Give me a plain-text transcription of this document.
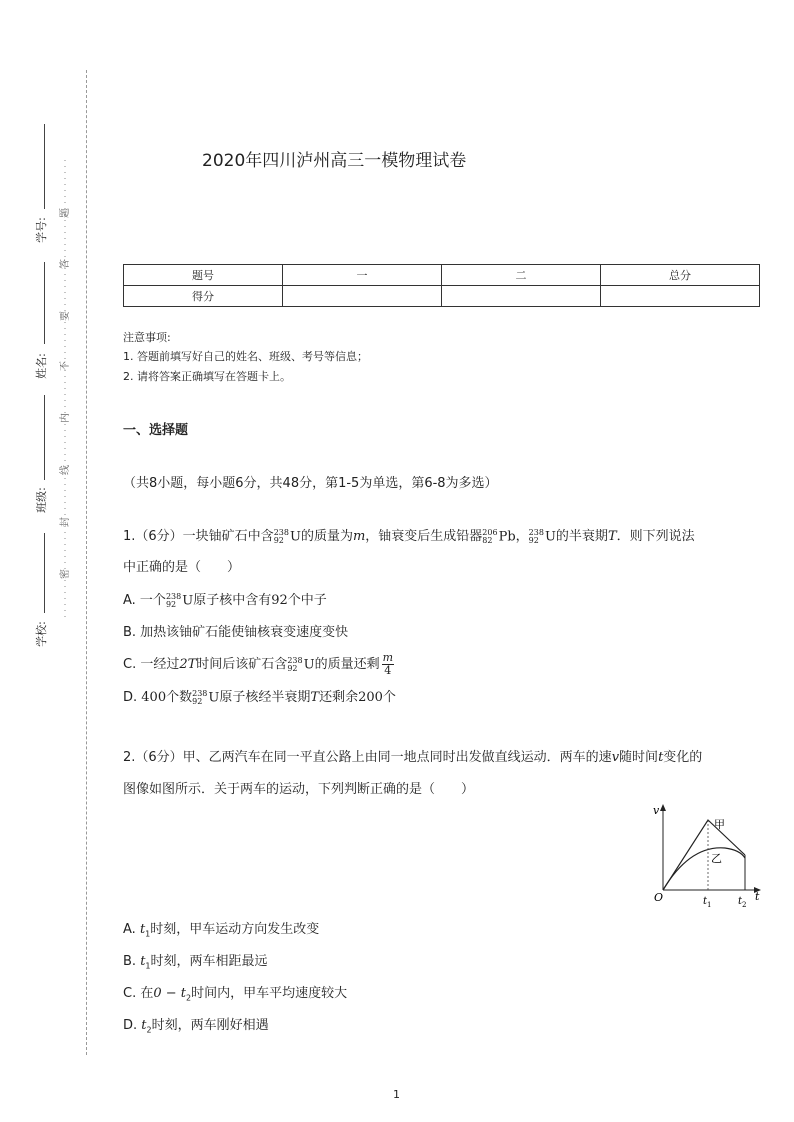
学号:
姓名:
班级:
学校:
题
答
要
不
内
线
封
密
2020年四川泸州高三一模物理试卷
题号	一	二	总分
得分			
注意事项:
1. 答题前填写好自己的姓名、班级、考号等信息；
2. 请将答案正确填写在答题卡上。
一、选择题
（共8小题，每小题6分，共48分，第1-5为单选，第6-8为多选）
1.（6分）一块铀矿石中含 238
92 U的质量为m，铀衰变后生成铅器 206
82 Pb， 238
92 U的半衰期T．则下列说法
中正确的是（　　）
A. 一个 238
92 U原子核中含有92个中子
B. 加热该铀矿石能使铀核衰变速度变快
C. 一经过2T时间后该矿石含 238
92 U的质量还剩 $\frac{m}{4}$
D. 400个数 238
92 U原子核经半衰期T还剩余200个
2.（6分）甲、乙两汽车在同一平直公路上由同一地点同时出发做直线运动．两车的速v随时间t变化的
图像如图所示．关于两车的运动，下列判断正确的是（　　）
v
t
O	$t_1$	$t_2$
甲
乙
A. $t_1$时刻，甲车运动方向发生改变
B. $t_1$时刻，两车相距最远
C. 在$0 - t_2$时间内，甲车平均速度较大
D. $t_2$时刻，两车刚好相遇
1
